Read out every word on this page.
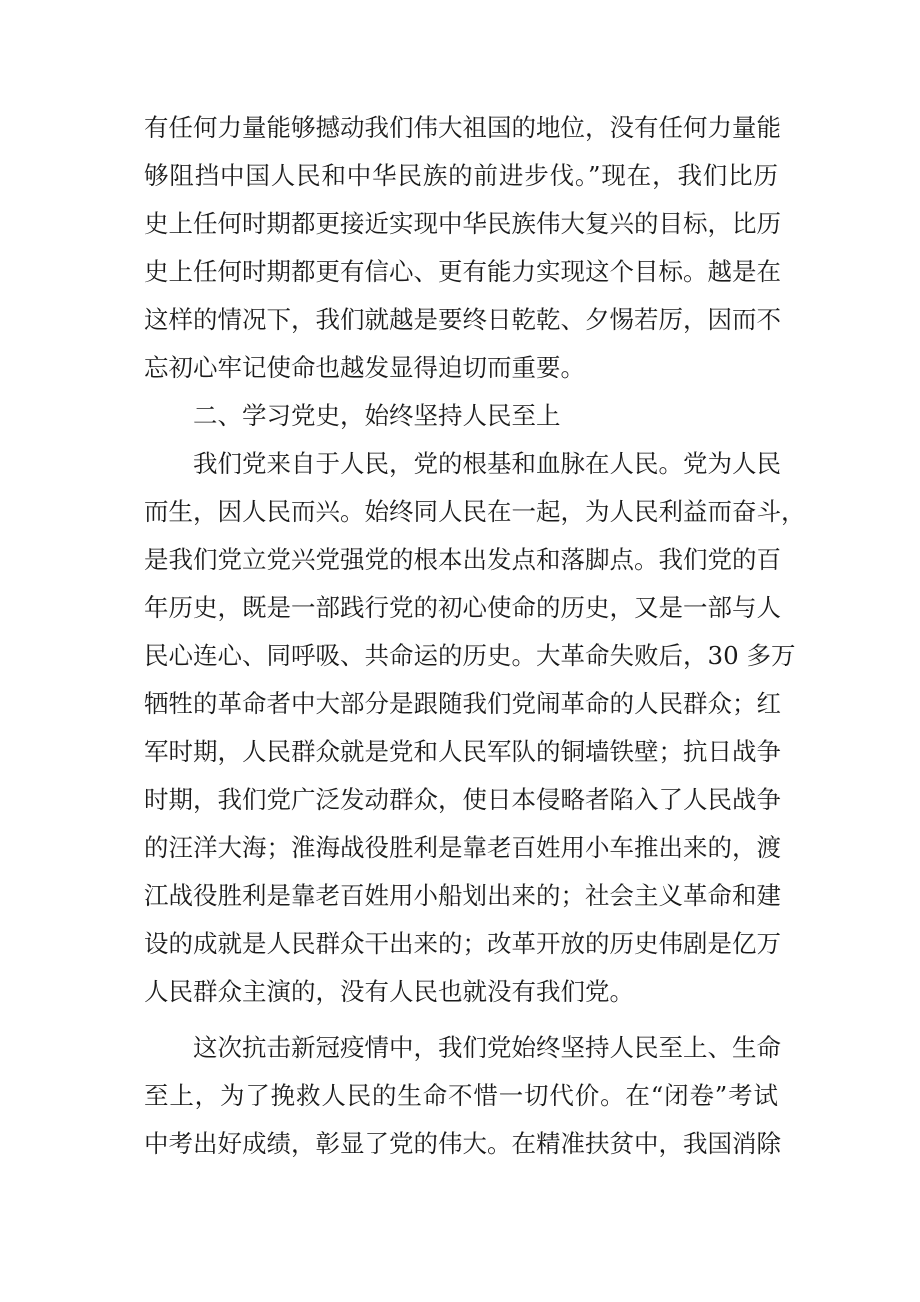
有任何力量能够撼动我们伟大祖国的地位，没有任何力量能
够阻挡中国人民和中华民族的前进步伐。”现在，我们比历
史上任何时期都更接近实现中华民族伟大复兴的目标，比历
史上任何时期都更有信心、更有能力实现这个目标。越是在
这样的情况下，我们就越是要终日乾乾、夕惕若厉，因而不
忘初心牢记使命也越发显得迫切而重要。
二、学习党史，始终坚持人民至上
我们党来自于人民，党的根基和血脉在人民。党为人民
而生，因人民而兴。始终同人民在一起，为人民利益而奋斗，
是我们党立党兴党强党的根本出发点和落脚点。我们党的百
年历史，既是一部践行党的初心使命的历史，又是一部与人
民心连心、同呼吸、共命运的历史。大革命失败后，30 多万
牺牲的革命者中大部分是跟随我们党闹革命的人民群众；红
军时期，人民群众就是党和人民军队的铜墙铁壁；抗日战争
时期，我们党广泛发动群众，使日本侵略者陷入了人民战争
的汪洋大海；淮海战役胜利是靠老百姓用小车推出来的，渡
江战役胜利是靠老百姓用小船划出来的；社会主义革命和建
设的成就是人民群众干出来的；改革开放的历史伟剧是亿万
人民群众主演的，没有人民也就没有我们党。
这次抗击新冠疫情中，我们党始终坚持人民至上、生命
至上，为了挽救人民的生命不惜一切代价。在“闭卷”考试
中考出好成绩，彰显了党的伟大。在精准扶贫中，我国消除
